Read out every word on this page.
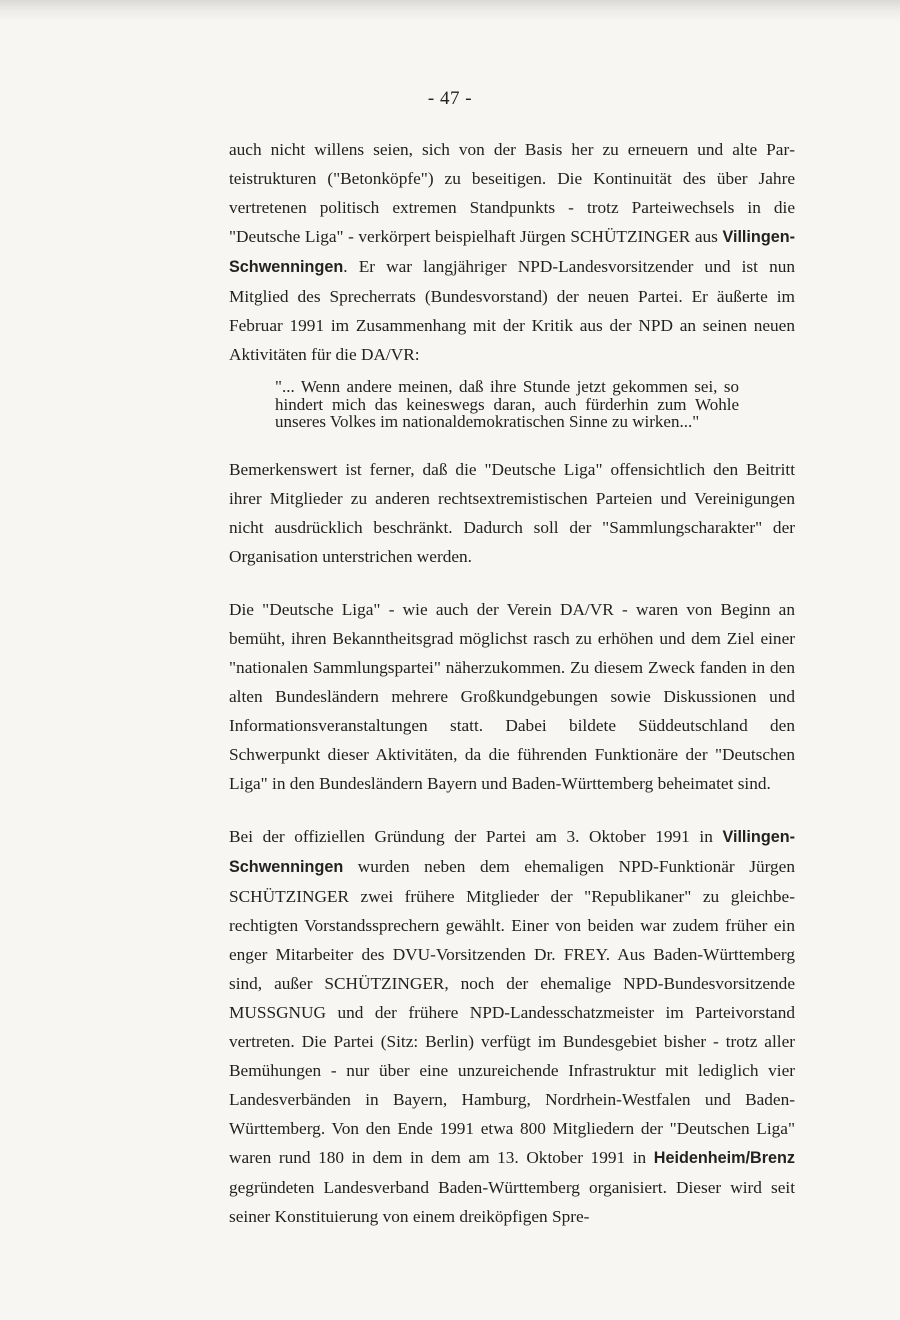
- 47 -

auch nicht willens seien, sich von der Basis her zu erneuern und alte Parteistrukturen ("Betonköpfe") zu beseitigen. Die Kontinuität des über Jahre vertretenen politisch extremen Standpunkts - trotz Parteiwechsels in die "Deutsche Liga" - verkörpert beispielhaft Jürgen SCHÜTZINGER aus Villingen-Schwenningen. Er war langjähriger NPD-Landesvorsitzender und ist nun Mitglied des Sprecherrats (Bundesvorstand) der neuen Partei. Er äußerte im Februar 1991 im Zusammenhang mit der Kritik aus der NPD an seinen neuen Aktivitäten für die DA/VR:

"... Wenn andere meinen, daß ihre Stunde jetzt gekommen sei, so hindert mich das keineswegs daran, auch fürderhin zum Wohle unseres Volkes im nationaldemokratischen Sinne zu wirken..."

Bemerkenswert ist ferner, daß die "Deutsche Liga" offensichtlich den Beitritt ihrer Mitglieder zu anderen rechtsextremistischen Parteien und Vereinigungen nicht ausdrücklich beschränkt. Dadurch soll der "Sammlungscharakter" der Organisation unterstrichen werden.

Die "Deutsche Liga" - wie auch der Verein DA/VR - waren von Beginn an bemüht, ihren Bekanntheitsgrad möglichst rasch zu erhöhen und dem Ziel einer "nationalen Sammlungspartei" näherzukommen. Zu diesem Zweck fanden in den alten Bundesländern mehrere Großkundgebungen sowie Diskussionen und Informationsveranstaltungen statt. Dabei bildete Süddeutschland den Schwerpunkt dieser Aktivitäten, da die führenden Funktionäre der "Deutschen Liga" in den Bundesländern Bayern und Baden-Württemberg beheimatet sind.

Bei der offiziellen Gründung der Partei am 3. Oktober 1991 in Villingen-Schwenningen wurden neben dem ehemaligen NPD-Funktionär Jürgen SCHÜTZINGER zwei frühere Mitglieder der "Republikaner" zu gleichberechtigten Vorstandssprechern gewählt. Einer von beiden war zudem früher ein enger Mitarbeiter des DVU-Vorsitzenden Dr. FREY. Aus Baden-Württemberg sind, außer SCHÜTZINGER, noch der ehemalige NPD-Bundesvorsitzende MUSSGNUG und der frühere NPD-Landesschatzmeister im Parteivorstand vertreten. Die Partei (Sitz: Berlin) verfügt im Bundesgebiet bisher - trotz aller Bemühungen - nur über eine unzureichende Infrastruktur mit lediglich vier Landesverbänden in Bayern, Hamburg, Nordrhein-Westfalen und Baden-Württemberg. Von den Ende 1991 etwa 800 Mitgliedern der "Deutschen Liga" waren rund 180 in dem in dem am 13. Oktober 1991 in Heidenheim/Brenz gegründeten Landesverband Baden-Württemberg organisiert. Dieser wird seit seiner Konstituierung von einem dreiköpfigen Spre-
